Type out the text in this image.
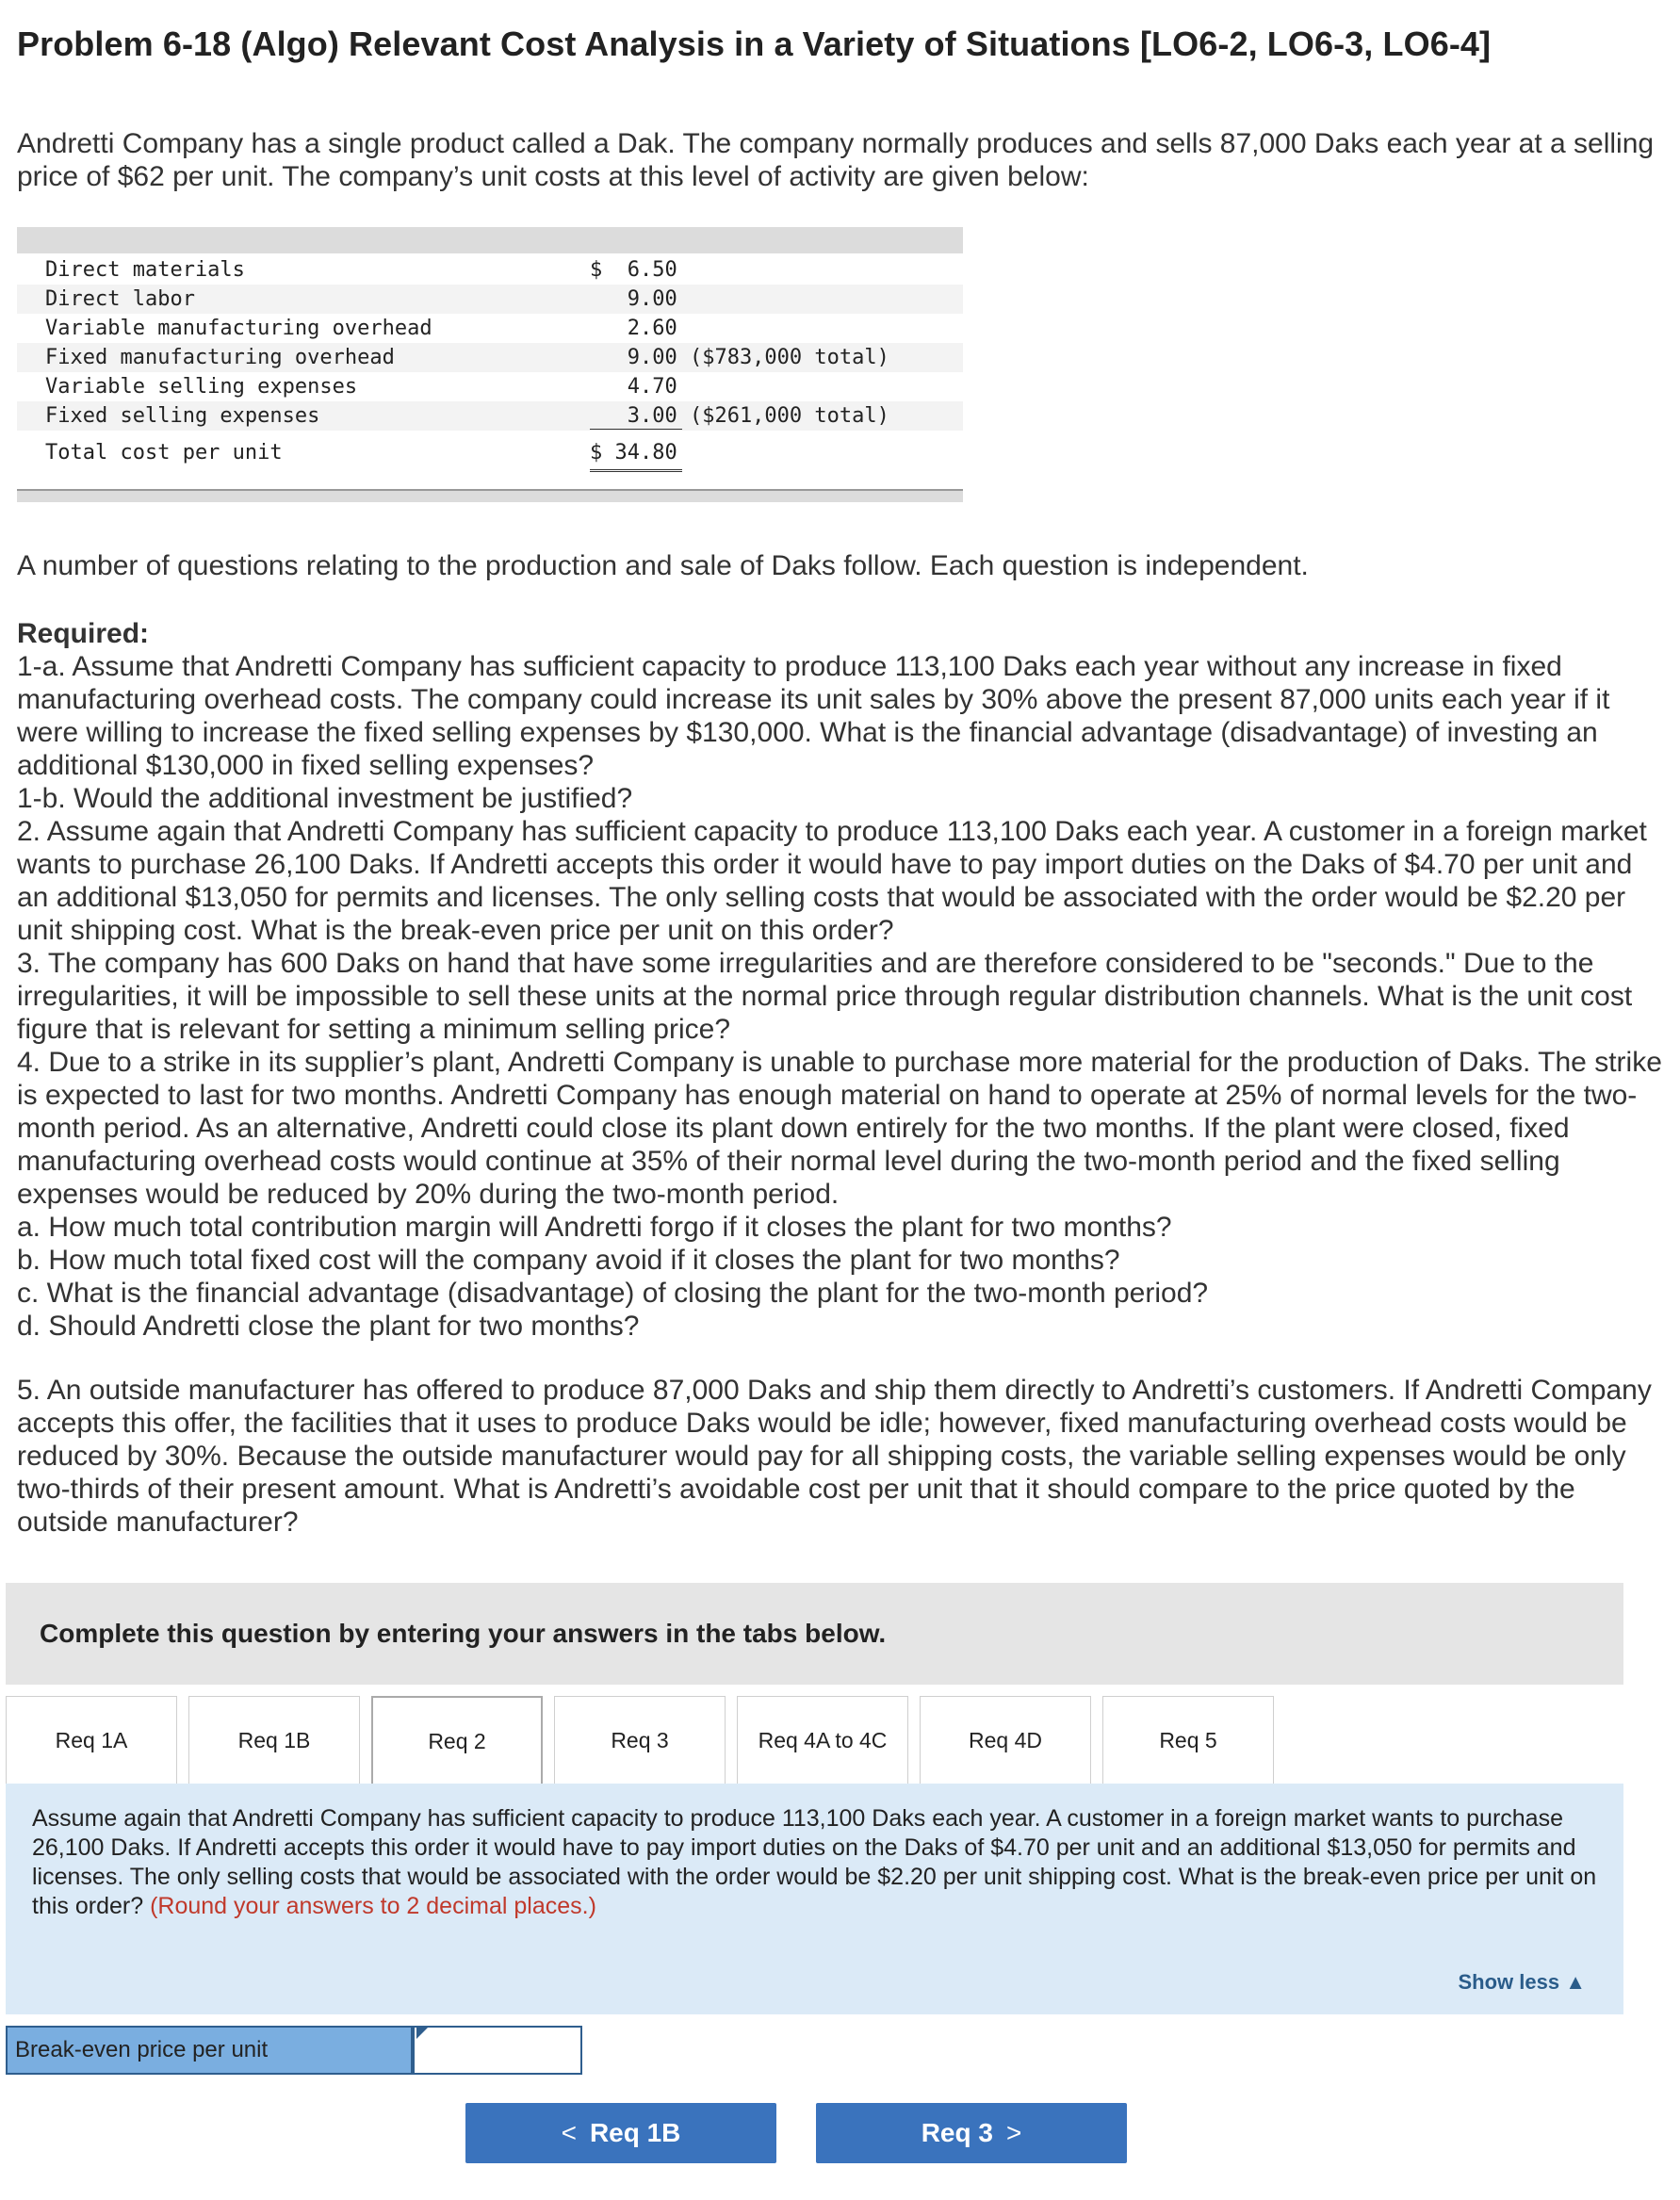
Problem 6-18 (Algo) Relevant Cost Analysis in a Variety of Situations [LO6-2, LO6-3, LO6-4]

Andretti Company has a single product called a Dak. The company normally produces and sells 87,000 Daks each year at a selling price of $62 per unit. The company’s unit costs at this level of activity are given below:

Direct materials	$  6.50
Direct labor	9.00
Variable manufacturing overhead	2.60
Fixed manufacturing overhead	9.00 ($783,000 total)
Variable selling expenses	4.70
Fixed selling expenses	3.00 ($261,000 total)
Total cost per unit	$ 34.80

A number of questions relating to the production and sale of Daks follow. Each question is independent.

Required:
1-a. Assume that Andretti Company has sufficient capacity to produce 113,100 Daks each year without any increase in fixed manufacturing overhead costs. The company could increase its unit sales by 30% above the present 87,000 units each year if it were willing to increase the fixed selling expenses by $130,000. What is the financial advantage (disadvantage) of investing an additional $130,000 in fixed selling expenses?
1-b. Would the additional investment be justified?
2. Assume again that Andretti Company has sufficient capacity to produce 113,100 Daks each year. A customer in a foreign market wants to purchase 26,100 Daks. If Andretti accepts this order it would have to pay import duties on the Daks of $4.70 per unit and an additional $13,050 for permits and licenses. The only selling costs that would be associated with the order would be $2.20 per unit shipping cost. What is the break-even price per unit on this order?
3. The company has 600 Daks on hand that have some irregularities and are therefore considered to be "seconds." Due to the irregularities, it will be impossible to sell these units at the normal price through regular distribution channels. What is the unit cost figure that is relevant for setting a minimum selling price?
4. Due to a strike in its supplier’s plant, Andretti Company is unable to purchase more material for the production of Daks. The strike is expected to last for two months. Andretti Company has enough material on hand to operate at 25% of normal levels for the two-month period. As an alternative, Andretti could close its plant down entirely for the two months. If the plant were closed, fixed manufacturing overhead costs would continue at 35% of their normal level during the two-month period and the fixed selling expenses would be reduced by 20% during the two-month period.
a. How much total contribution margin will Andretti forgo if it closes the plant for two months?
b. How much total fixed cost will the company avoid if it closes the plant for two months?
c. What is the financial advantage (disadvantage) of closing the plant for the two-month period?
d. Should Andretti close the plant for two months?

5. An outside manufacturer has offered to produce 87,000 Daks and ship them directly to Andretti’s customers. If Andretti Company accepts this offer, the facilities that it uses to produce Daks would be idle; however, fixed manufacturing overhead costs would be reduced by 30%. Because the outside manufacturer would pay for all shipping costs, the variable selling expenses would be only two-thirds of their present amount. What is Andretti’s avoidable cost per unit that it should compare to the price quoted by the outside manufacturer?

Complete this question by entering your answers in the tabs below.
Req 1A	Req 1B	Req 2	Req 3	Req 4A to 4C	Req 4D	Req 5

Assume again that Andretti Company has sufficient capacity to produce 113,100 Daks each year. A customer in a foreign market wants to purchase 26,100 Daks. If Andretti accepts this order it would have to pay import duties on the Daks of $4.70 per unit and an additional $13,050 for permits and licenses. The only selling costs that would be associated with the order would be $2.20 per unit shipping cost. What is the break-even price per unit on this order? (Round your answers to 2 decimal places.)

Show less ▲
Break-even price per unit
< Req 1B	Req 3 >
